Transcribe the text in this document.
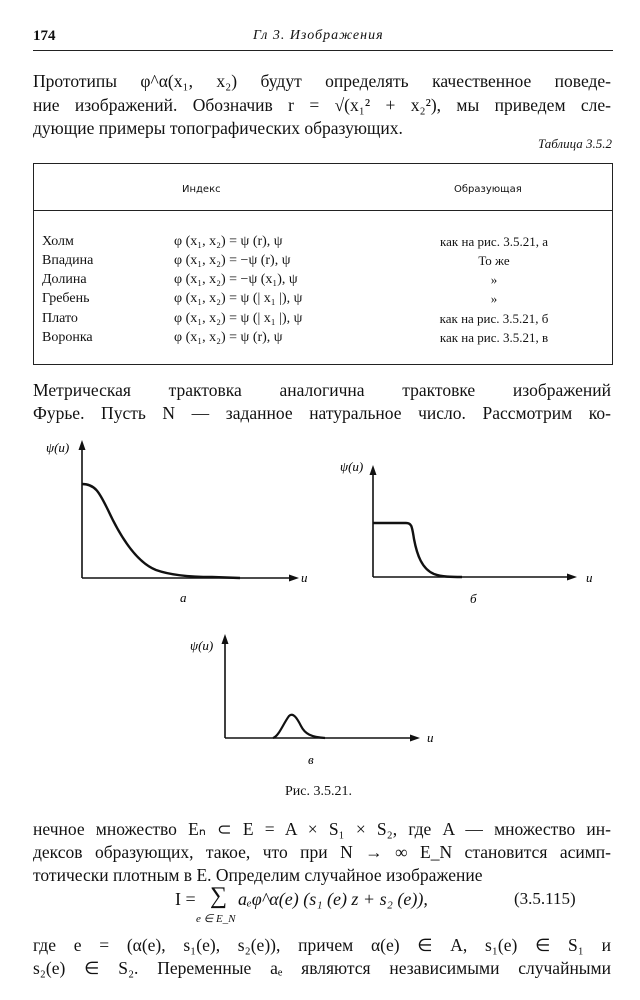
174	Гл 3. Изображения
Прототипы φ^α(x₁, x₂) будут определять качественное поведе-
ние изображений. Обозначив r = √(x₁² + x₂²), мы приведем сле-
дующие примеры топографических образующих.
Таблица 3.5.2
Индекс	Образующая
Холм	φ (x₁, x₂) = ψ (r), ψ	как на рис. 3.5.21, а
Впадина	φ (x₁, x₂) = −ψ (r), ψ	То же
Долина	φ (x₁, x₂) = −ψ (x₁), ψ	»
Гребень	φ (x₁, x₂) = ψ (| x₁ |), ψ	»
Плато	φ (x₁, x₂) = ψ (| x₁ |), ψ	как на рис. 3.5.21, б
Воронка	φ (x₁, x₂) = ψ (r), ψ	как на рис. 3.5.21, в
Метрическая трактовка аналогична трактовке изображений
Фурье. Пусть N — заданное натуральное число. Рассмотрим ко-
ψ(u)
u
а
ψ(u)
u
б
ψ(u)
u
в
Рис. 3.5.21.
нечное множество Eₙ ⊂ E = A × S₁ × S₂, где A — множество ин-
дексов образующих, такое, что при N → ∞ E_N становится асимп-
тотически плотным в E. Определим случайное изображение
I = ∑
e ∈ E_N
aₑφ^α(e) (s₁ (e) z + s₂ (e)),	(3.5.115)
где e = (α(e), s₁(e), s₂(e)), причем α(e) ∈ A, s₁(e) ∈ S₁ и
s₂(e) ∈ S₂. Переменные aₑ являются независимыми случайными
